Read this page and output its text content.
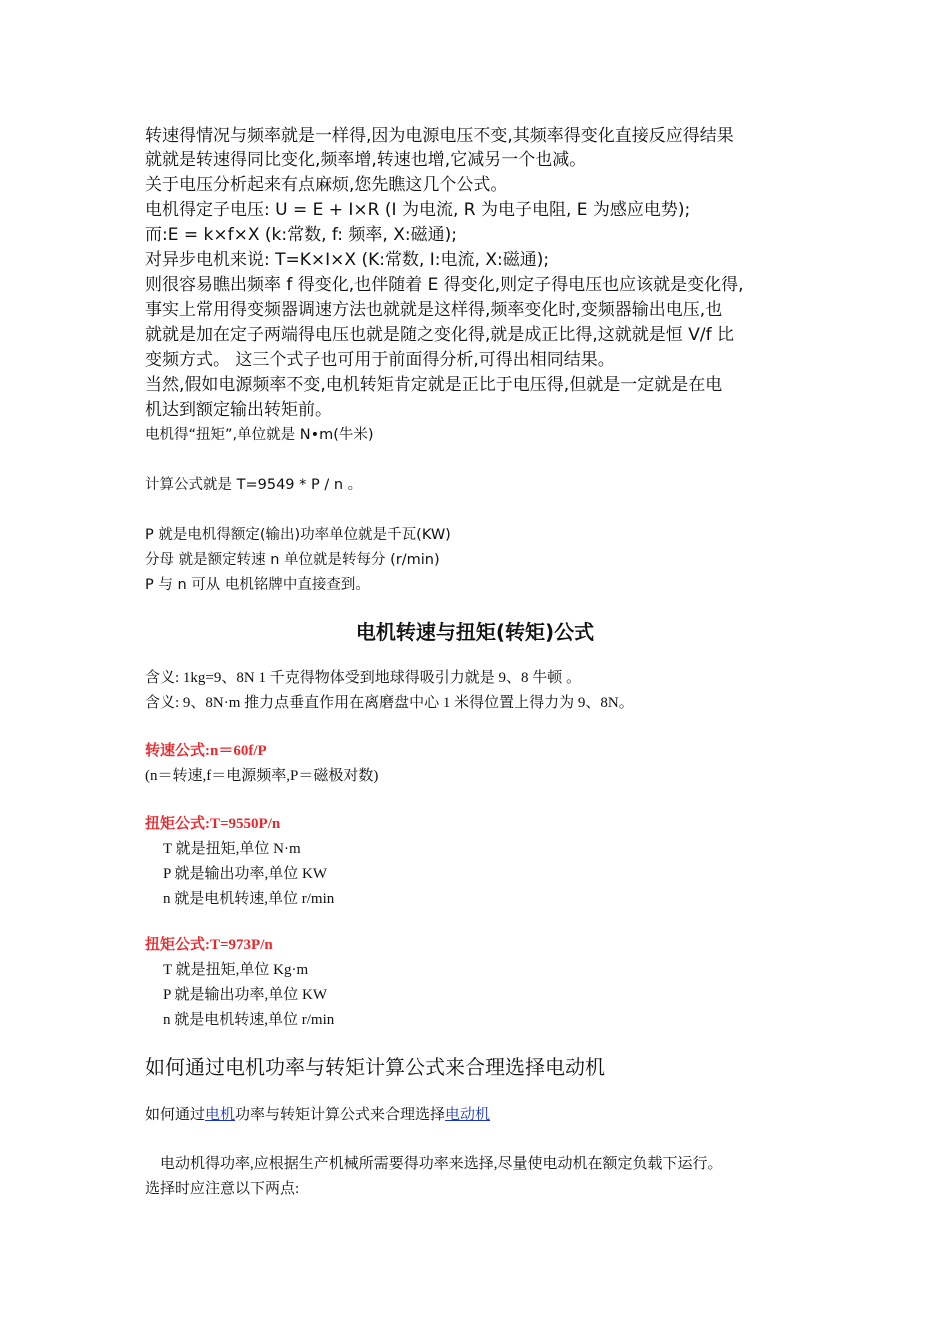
转速得情况与频率就是一样得,因为电源电压不变,其频率得变化直接反应得结果
就就是转速得同比变化,频率增,转速也增,它减另一个也减。
关于电压分析起来有点麻烦,您先瞧这几个公式。
电机得定子电压: U = E + I×R (I 为电流, R 为电子电阻, E 为感应电势);
而:E = k×f×X (k:常数, f: 频率, X:磁通);
对异步电机来说: T=K×I×X (K:常数, I:电流, X:磁通);
则很容易瞧出频率 f 得变化,也伴随着 E 得变化,则定子得电压也应该就是变化得,
事实上常用得变频器调速方法也就就是这样得,频率变化时,变频器输出电压,也
就就是加在定子两端得电压也就是随之变化得,就是成正比得,这就就是恒 V/f 比
变频方式。 这三个式子也可用于前面得分析,可得出相同结果。
当然,假如电源频率不变,电机转矩肯定就是正比于电压得,但就是一定就是在电
机达到额定输出转矩前。
电机得“扭矩”,单位就是 N•m(牛米)
计算公式就是 T=9549 * P / n 。
P 就是电机得额定(输出)功率单位就是千瓦(KW)
分母 就是额定转速 n 单位就是转每分 (r/min)
P 与 n 可从 电机铭牌中直接查到。
电机转速与扭矩(转矩)公式
含义: 1kg=9、8N 1 千克得物体受到地球得吸引力就是 9、8 牛顿 。
含义: 9、8N·m 推力点垂直作用在离磨盘中心 1 米得位置上得力为 9、8N。
转速公式:n＝60f/P
(n＝转速,f＝电源频率,P＝磁极对数)
扭矩公式:T=9550P/n
T 就是扭矩,单位 N·m
P 就是输出功率,单位 KW
n 就是电机转速,单位 r/min
扭矩公式:T=973P/n
T 就是扭矩,单位 Kg·m
P 就是输出功率,单位 KW
n 就是电机转速,单位 r/min
如何通过电机功率与转矩计算公式来合理选择电动机
如何通过电机功率与转矩计算公式来合理选择电动机
电动机得功率,应根据生产机械所需要得功率来选择,尽量使电动机在额定负载下运行。
选择时应注意以下两点:
